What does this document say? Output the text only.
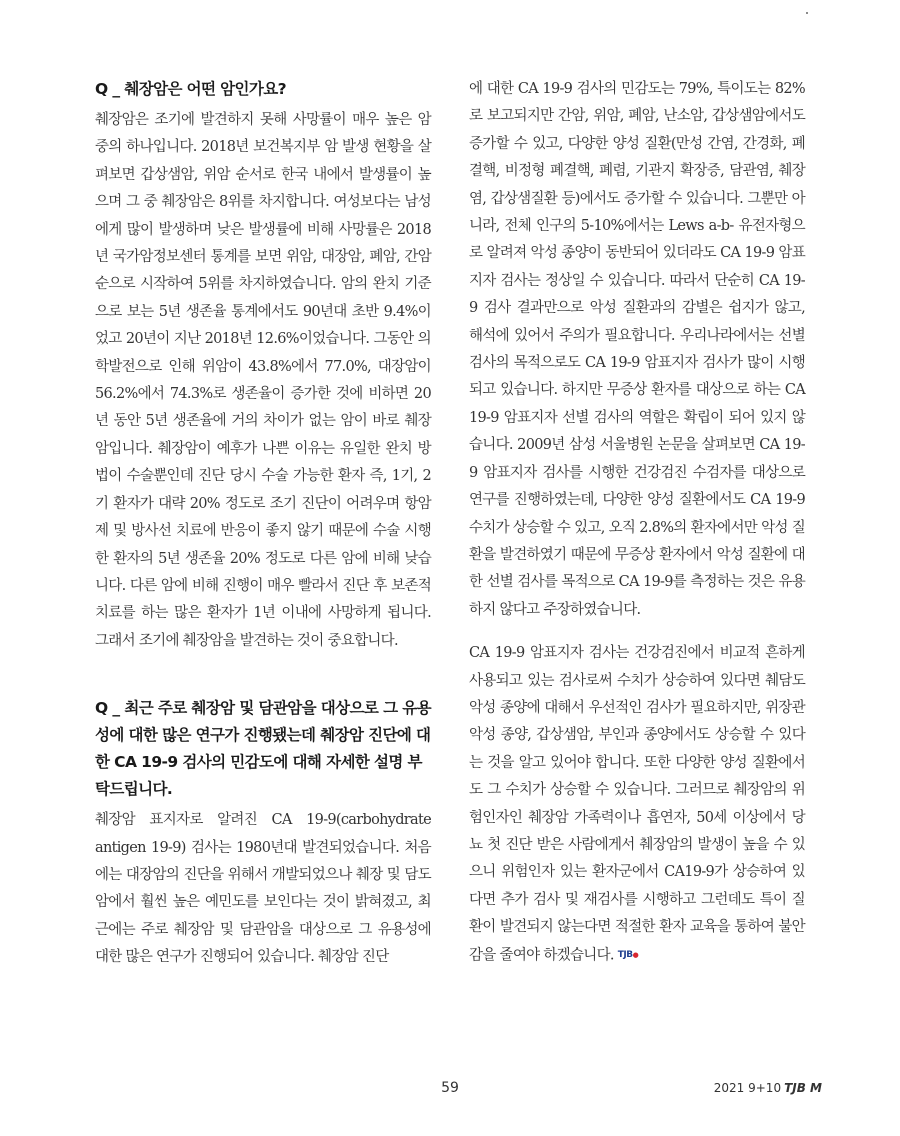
Q _ 췌장암은 어떤 암인가요?

췌장암은 조기에 발견하지 못해 사망률이 매우 높은 암 중의 하나입니다. 2018년 보건복지부 암 발생 현황을 살펴보면 갑상샘암, 위암 순서로 한국 내에서 발생률이 높으며 그 중 췌장암은 8위를 차지합니다. 여성보다는 남성에게 많이 발생하며 낮은 발생률에 비해 사망률은 2018년 국가암정보센터 통계를 보면 위암, 대장암, 폐암, 간암 순으로 시작하여 5위를 차지하였습니다. 암의 완치 기준으로 보는 5년 생존율 통계에서도 90년대 초반 9.4%이었고 20년이 지난 2018년 12.6%이었습니다. 그동안 의학발전으로 인해 위암이 43.8%에서 77.0%, 대장암이 56.2%에서 74.3%로 생존율이 증가한 것에 비하면 20년 동안 5년 생존율에 거의 차이가 없는 암이 바로 췌장암입니다. 췌장암이 예후가 나쁜 이유는 유일한 완치 방법이 수술뿐인데 진단 당시 수술 가능한 환자 즉, 1기, 2기 환자가 대략 20% 정도로 조기 진단이 어려우며 항암제 및 방사선 치료에 반응이 좋지 않기 때문에 수술 시행한 환자의 5년 생존율 20% 정도로 다른 암에 비해 낮습니다. 다른 암에 비해 진행이 매우 빨라서 진단 후 보존적 치료를 하는 많은 환자가 1년 이내에 사망하게 됩니다. 그래서 조기에 췌장암을 발견하는 것이 중요합니다.

Q _ 최근 주로 췌장암 및 담관암을 대상으로 그 유용성에 대한 많은 연구가 진행됐는데 췌장암 진단에 대한 CA 19-9 검사의 민감도에 대해 자세한 설명 부탁드립니다.

췌장암 표지자로 알려진 CA 19-9(carbohydrate antigen 19-9) 검사는 1980년대 발견되었습니다. 처음에는 대장암의 진단을 위해서 개발되었으나 췌장 및 담도암에서 훨씬 높은 예민도를 보인다는 것이 밝혀졌고, 최근에는 주로 췌장암 및 담관암을 대상으로 그 유용성에 대한 많은 연구가 진행되어 있습니다. 췌장암 진단

에 대한 CA 19-9 검사의 민감도는 79%, 특이도는 82%로 보고되지만 간암, 위암, 폐암, 난소암, 갑상샘암에서도 증가할 수 있고, 다양한 양성 질환(만성 간염, 간경화, 폐결핵, 비정형 폐결핵, 폐렴, 기관지 확장증, 담관염, 췌장염, 갑상샘질환 등)에서도 증가할 수 있습니다. 그뿐만 아니라, 전체 인구의 5-10%에서는 Lews a-b- 유전자형으로 알려져 악성 종양이 동반되어 있더라도 CA 19-9 암표지자 검사는 정상일 수 있습니다. 따라서 단순히 CA 19-9 검사 결과만으로 악성 질환과의 감별은 쉽지가 않고, 해석에 있어서 주의가 필요합니다. 우리나라에서는 선별 검사의 목적으로도 CA 19-9 암표지자 검사가 많이 시행되고 있습니다. 하지만 무증상 환자를 대상으로 하는 CA 19-9 암표지자 선별 검사의 역할은 확립이 되어 있지 않습니다. 2009년 삼성 서울병원 논문을 살펴보면 CA 19-9 암표지자 검사를 시행한 건강검진 수검자를 대상으로 연구를 진행하였는데, 다양한 양성 질환에서도 CA 19-9 수치가 상승할 수 있고, 오직 2.8%의 환자에서만 악성 질환을 발견하였기 때문에 무증상 환자에서 악성 질환에 대한 선별 검사를 목적으로 CA 19-9를 측정하는 것은 유용하지 않다고 주장하였습니다.

CA 19-9 암표지자 검사는 건강검진에서 비교적 흔하게 사용되고 있는 검사로써 수치가 상승하여 있다면 췌담도 악성 종양에 대해서 우선적인 검사가 필요하지만, 위장관 악성 종양, 갑상샘암, 부인과 종양에서도 상승할 수 있다는 것을 알고 있어야 합니다. 또한 다양한 양성 질환에서도 그 수치가 상승할 수 있습니다. 그러므로 췌장암의 위험인자인 췌장암 가족력이나 흡연자, 50세 이상에서 당뇨 첫 진단 받은 사람에게서 췌장암의 발생이 높을 수 있으니 위험인자 있는 환자군에서 CA19-9가 상승하여 있다면 추가 검사 및 재검사를 시행하고 그런데도 특이 질환이 발견되지 않는다면 적절한 환자 교육을 통하여 불안감을 줄여야 하겠습니다. TJB●

59	2021 9+10 TJB M
